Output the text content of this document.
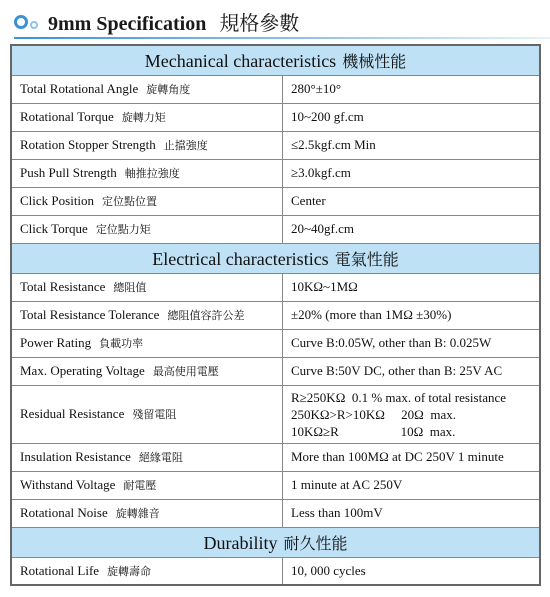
9mm Specification 規格參數
Mechanical characteristics 機械性能	
Total Rotational Angle 旋轉角度	280°±10°
Rotational Torque 旋轉力矩	10~200 gf.cm
Rotation Stopper Strength 止擋強度	≤2.5kgf.cm Min
Push Pull Strength 軸推拉強度	≥3.0kgf.cm
Click Position 定位點位置	Center
Click Torque 定位點力矩	20~40gf.cm
Electrical characteristics 電氣性能	
Total Resistance 總阻值	10KΩ~1MΩ
Total Resistance Tolerance 總阻值容許公差	±20% (more than 1MΩ ±30%)
Power Rating 負載功率	Curve B:0.05W, other than B: 0.025W
Max. Operating Voltage 最高使用電壓	Curve B:50V DC, other than B: 25V AC
Residual Resistance 殘留電阻	R≥250KΩ  0.1 % max. of total resistance
250KΩ>R>10KΩ     20Ω  max.
10KΩ≥R                   10Ω  max.

Insulation Resistance 絕緣電阻	More than 100MΩ at DC 250V 1 minute
Withstand Voltage 耐電壓	1 minute at AC 250V
Rotational Noise 旋轉雜音	Less than 100mV
Durability 耐久性能	
Rotational Life 旋轉壽命	10, 000 cycles
